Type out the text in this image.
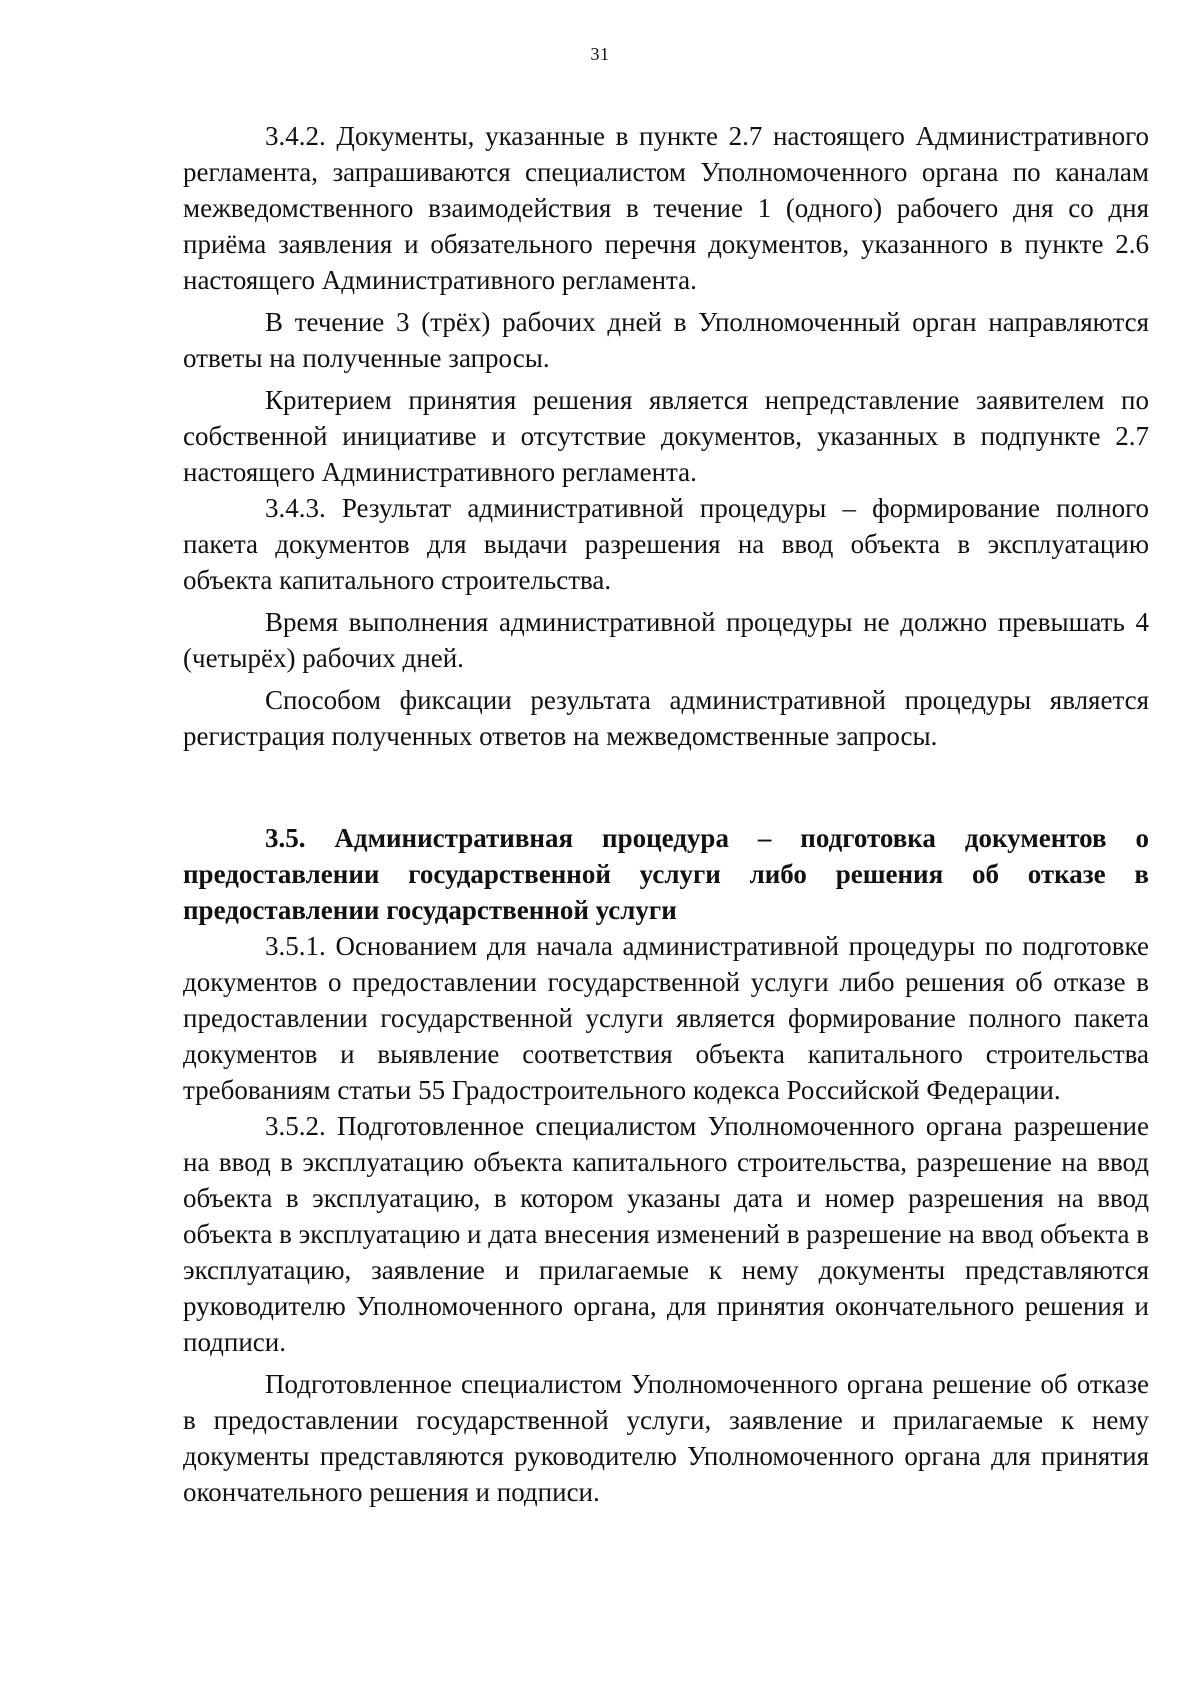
31

3.4.2. Документы, указанные в пункте 2.7 настоящего Административного регламента, запрашиваются специалистом Уполномоченного органа по каналам межведомственного взаимодействия в течение 1 (одного) рабочего дня со дня приёма заявления и обязательного перечня документов, указанного в пункте 2.6 настоящего Административного регламента.

В течение 3 (трёх) рабочих дней в Уполномоченный орган направляются ответы на полученные запросы.

Критерием принятия решения является непредставление заявителем по собственной инициативе и отсутствие документов, указанных в подпункте 2.7 настоящего Административного регламента.

3.4.3. Результат административной процедуры – формирование полного пакета документов для выдачи разрешения на ввод объекта в эксплуатацию объекта капитального строительства.

Время выполнения административной процедуры не должно превышать 4 (четырёх) рабочих дней.

Способом фиксации результата административной процедуры является регистрация полученных ответов на межведомственные запросы.

3.5. Административная процедура – подготовка документов о предоставлении государственной услуги либо решения об отказе в предоставлении государственной услуги

3.5.1. Основанием для начала административной процедуры по подготовке документов о предоставлении государственной услуги либо решения об отказе в предоставлении государственной услуги является формирование полного пакета документов и выявление соответствия объекта капитального строительства требованиям статьи 55 Градостроительного кодекса Российской Федерации.

3.5.2. Подготовленное специалистом Уполномоченного органа разрешение на ввод в эксплуатацию объекта капитального строительства, разрешение на ввод объекта в эксплуатацию, в котором указаны дата и номер разрешения на ввод объекта в эксплуатацию и дата внесения изменений в разрешение на ввод объекта в эксплуатацию, заявление и прилагаемые к нему документы представляются руководителю Уполномоченного органа, для принятия окончательного решения и подписи.

Подготовленное специалистом Уполномоченного органа решение об отказе в предоставлении государственной услуги, заявление и прилагаемые к нему документы представляются руководителю Уполномоченного органа для принятия окончательного решения и подписи.
